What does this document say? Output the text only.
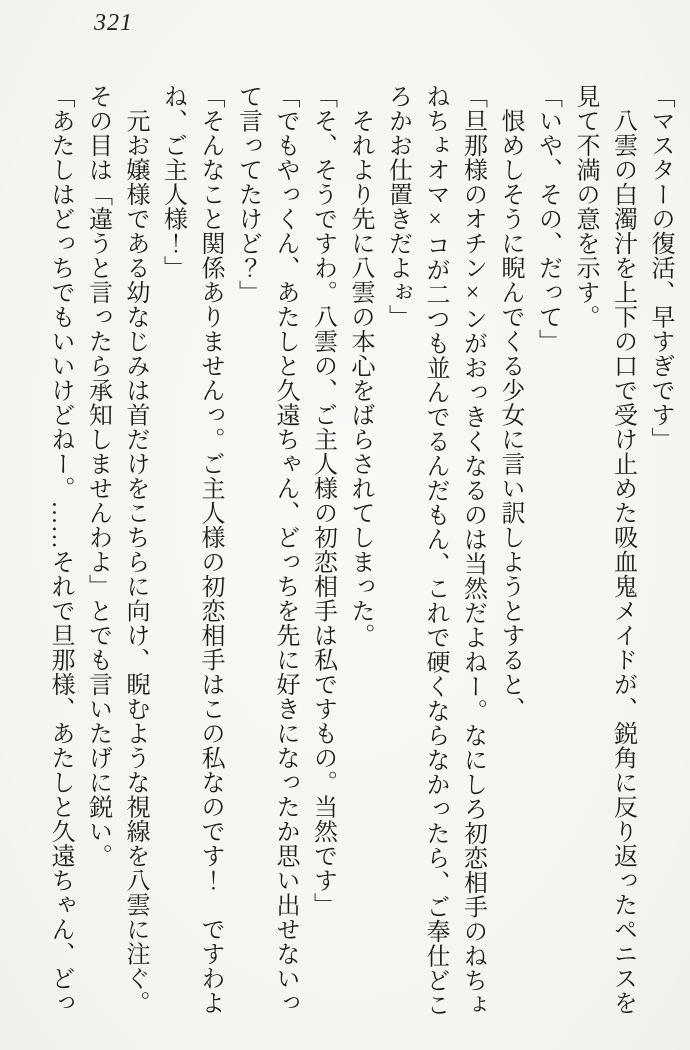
321

「マスターの復活、早すぎです」

　八雲の白濁汁を上下の口で受け止めた吸血鬼メイドが、鋭角に反り返ったペニスを

見て不満の意を示す。

「いや、その、だって」

　恨めしそうに睨んでくる少女に言い訳しようとすると、

「旦那様のオチン×ンがおっきくなるのは当然だよねー。なにしろ初恋相手のねちょ

ねちょオマ×コが二つも並んでるんだもん、これで硬くならなかったら、ご奉仕どこ

ろかお仕置きだよぉ」

　それより先に八雲の本心をばらされてしまった。

「そ、そうですわ。八雲の、ご主人様の初恋相手は私ですもの。当然です」

「でもやっくん、あたしと久遠ちゃん、どっちを先に好きになったか思い出せないっ

て言ってたけど？」

「そんなこと関係ありませんっ。ご主人様の初恋相手はこの私なのです！　ですわよ

ね、ご主人様！」

　元お嬢様である幼なじみは首だけをこちらに向け、睨むような視線を八雲に注ぐ。

その目は「違うと言ったら承知しませんわよ」とでも言いたげに鋭い。

「あたしはどっちでもいいけどねー。……それで旦那様、あたしと久遠ちゃん、どっ
